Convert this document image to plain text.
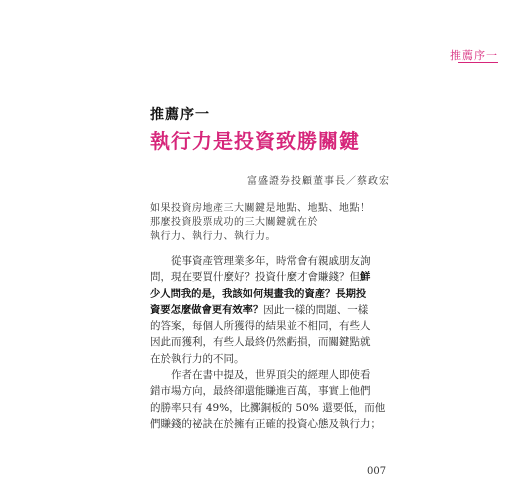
推薦序一
推薦序一
執行力是投資致勝關鍵
富盛證券投顧董事長／蔡政宏
如果投資房地產三大關鍵是地點、地點、地點！
那麼投資股票成功的三大關鍵就在於
執行力、執行力、執行力。
從事資產管理業多年，時常會有親戚朋友詢
問，現在要買什麼好？投資什麼才會賺錢？但鮮
少人問我的是，我該如何規畫我的資產？長期投
資要怎麼做會更有效率？因此一樣的問題、一樣
的答案，每個人所獲得的結果並不相同，有些人
因此而獲利，有些人最終仍然虧損，而關鍵點就
在於執行力的不同。
作者在書中提及，世界頂尖的經理人即使看
錯市場方向，最終卻還能賺進百萬，事實上他們
的勝率只有 49%，比擲銅板的 50% 還要低，而他
們賺錢的祕訣在於擁有正確的投資心態及執行力；
007
